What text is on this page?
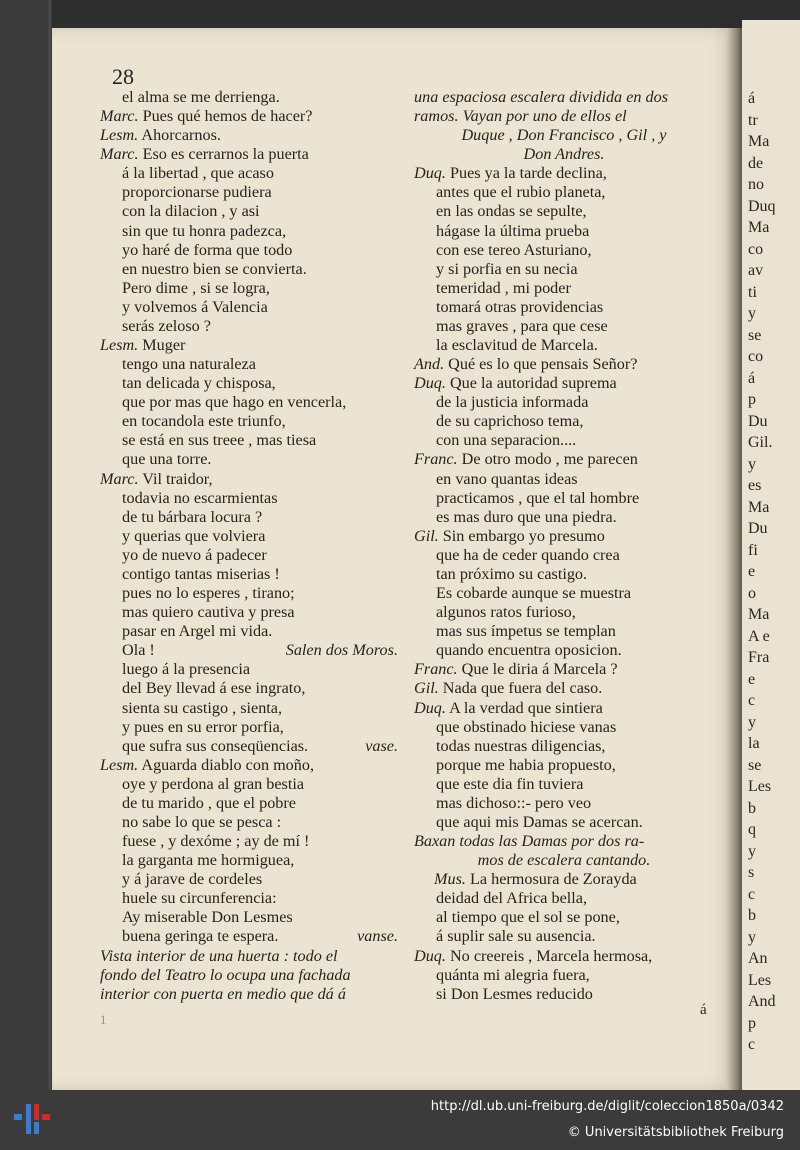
á
tr
Ma
de
no
Duq
Ma
co
av
ti
y
se
co
á
p
Du
Gil.
y
es
Ma
Du
fi
e
o
Ma
A e
Fra
e
c
y
la
se
Les
b
q
y
s
c
b
y
An
Les
And
p
c
28
el alma se me derrienga.
Marc. Pues qué hemos de hacer?
Lesm. Ahorcarnos.
Marc. Eso es cerrarnos la puerta
á la libertad , que acaso
proporcionarse pudiera
con la dilacion , y asi
sin que tu honra padezca,
yo haré de forma que todo
en nuestro bien se convierta.
Pero dime , si se logra,
y volvemos á Valencia
serás zeloso ?
Lesm. Muger
tengo una naturaleza
tan delicada y chisposa,
que por mas que hago en vencerla,
en tocandola este triunfo,
se está en sus treee , mas tiesa
que una torre.
Marc. Vil traidor,
todavia no escarmientas
de tu bárbara locura ?
y querias que volviera
yo de nuevo á padecer
contigo tantas miserias !
pues no lo esperes , tirano;
mas quiero cautiva y presa
pasar en Argel mi vida.
Ola !	Salen dos Moros.
luego á la presencia
del Bey llevad á ese ingrato,
sienta su castigo , sienta,
y pues en su error porfia,
que sufra sus conseqüencias.	vase.
Lesm. Aguarda diablo con moño,
oye y perdona al gran bestia
de tu marido , que el pobre
no sabe lo que se pesca :
fuese , y dexóme ; ay de mí !
la garganta me hormiguea,
y á jarave de cordeles
huele su circunferencia:
Ay miserable Don Lesmes
buena geringa te espera.	vanse.
Vista interior de una huerta : todo el
fondo del Teatro lo ocupa una fachada
interior con puerta en medio que dá á
una espaciosa escalera dividida en dos
ramos. Vayan por uno de ellos el
Duque , Don Francisco , Gil , y
Don Andres.
Duq. Pues ya la tarde declina,
antes que el rubio planeta,
en las ondas se sepulte,
hágase la última prueba
con ese tereo Asturiano,
y si porfia en su necia
temeridad , mi poder
tomará otras providencias
mas graves , para que cese
la esclavitud de Marcela.
And. Qué es lo que pensais Señor?
Duq. Que la autoridad suprema
de la justicia informada
de su caprichoso tema,
con una separacion....
Franc. De otro modo , me parecen
en vano quantas ideas
practicamos , que el tal hombre
es mas duro que una piedra.
Gil. Sin embargo yo presumo
que ha de ceder quando crea
tan próximo su castigo.
Es cobarde aunque se muestra
algunos ratos furioso,
mas sus ímpetus se templan
quando encuentra oposicion.
Franc. Que le diria á Marcela ?
Gil. Nada que fuera del caso.
Duq. A la verdad que sintiera
que obstinado hiciese vanas
todas nuestras diligencias,
porque me habia propuesto,
que este dia fin tuviera
mas dichoso::- pero veo
que aqui mis Damas se acercan.
Baxan todas las Damas por dos ra-
mos de escalera cantando.
Mus. La hermosura de Zorayda
deidad del Africa bella,
al tiempo que el sol se pone,
á suplir sale su ausencia.
Duq. No creereis , Marcela hermosa,
quánta mi alegria fuera,
si Don Lesmes reducido
á
1
http://dl.ub.uni-freiburg.de/diglit/coleccion1850a/0342
© Universitätsbibliothek Freiburg
